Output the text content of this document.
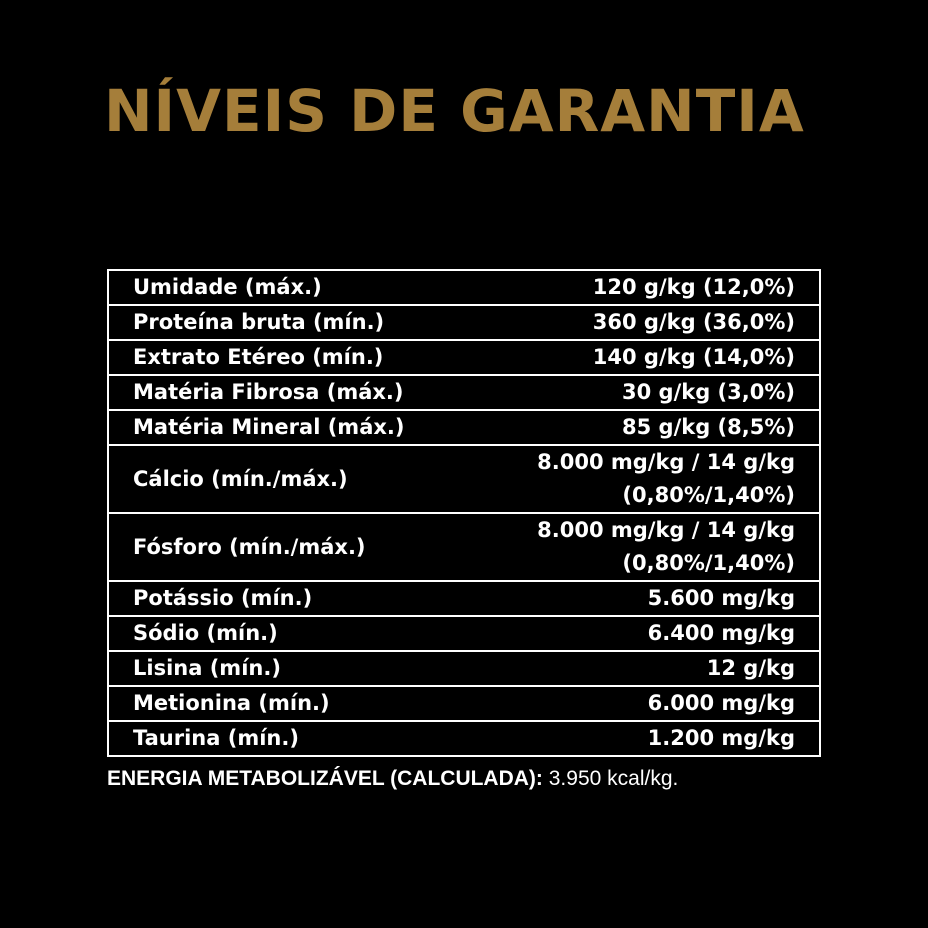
NÍVEIS DE GARANTIA
Umidade (máx.)	120 g/kg (12,0%)
Proteína bruta (mín.)	360 g/kg (36,0%)
Extrato Etéreo (mín.)	140 g/kg (14,0%)
Matéria Fibrosa (máx.)	30 g/kg (3,0%)
Matéria Mineral (máx.)	85 g/kg (8,5%)
Cálcio (mín./máx.)	8.000 mg/kg / 14 g/kg
(0,80%/1,40%)

Fósforo (mín./máx.)	8.000 mg/kg / 14 g/kg
(0,80%/1,40%)

Potássio (mín.)	5.600 mg/kg
Sódio (mín.)	6.400 mg/kg
Lisina (mín.)	12 g/kg
Metionina (mín.)	6.000 mg/kg
Taurina (mín.)	1.200 mg/kg
ENERGIA METABOLIZÁVEL (CALCULADA): 3.950 kcal/kg.
